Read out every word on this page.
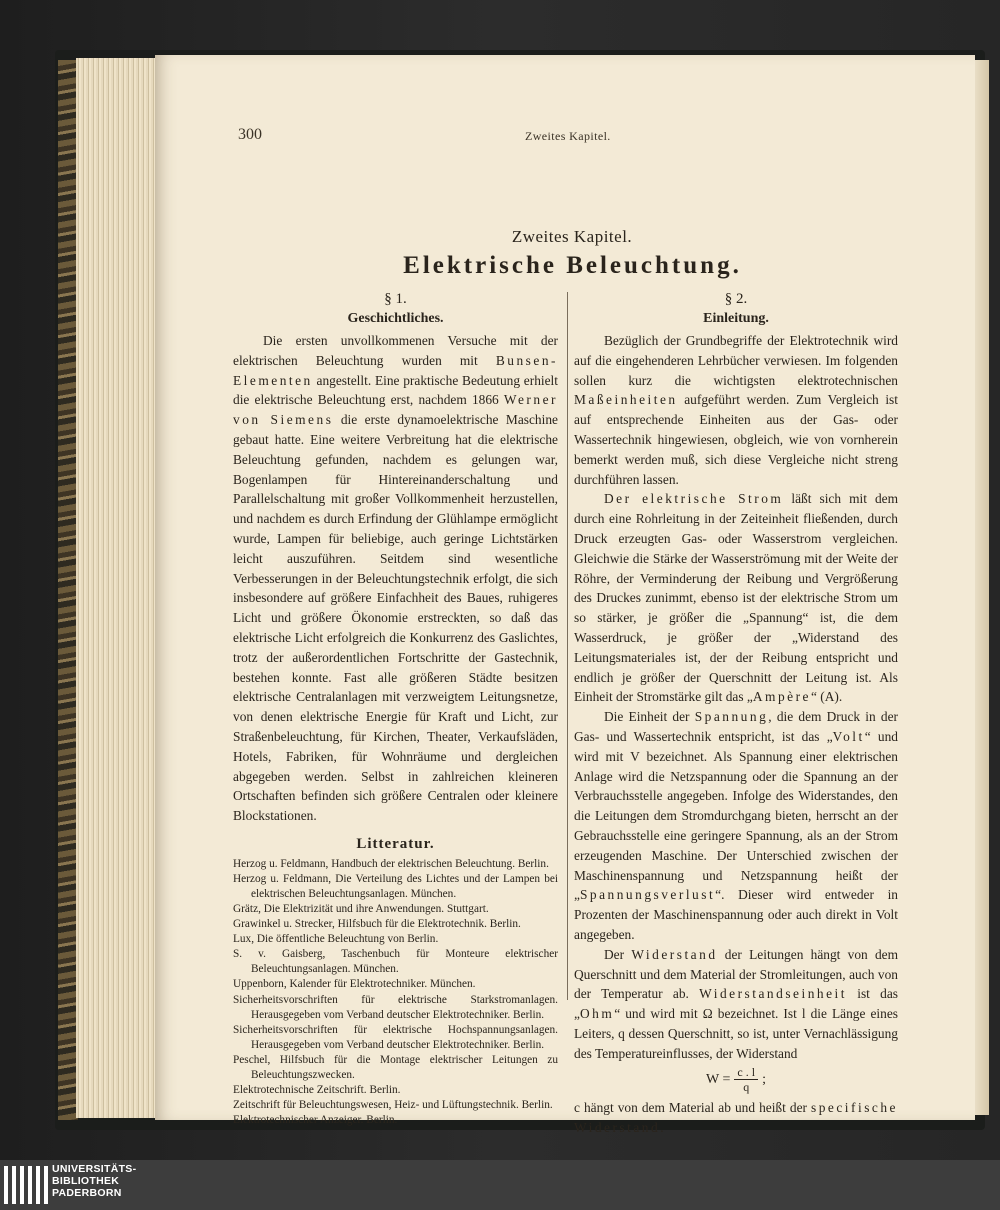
300	Zweites Kapitel.
Zweites Kapitel.
Elektrische Beleuchtung.
§ 1.
Geschichtliches.

Die ersten unvollkommenen Versuche mit der elektrischen Beleuchtung wurden mit Bunsen-Elementen angestellt. Eine praktische Bedeutung erhielt die elektrische Beleuchtung erst, nachdem 1866 Werner von Siemens die erste dynamoelektrische Maschine gebaut hatte. Eine weitere Verbreitung hat die elektrische Beleuchtung gefunden, nachdem es gelungen war, Bogenlampen für Hintereinanderschaltung und Parallelschaltung mit großer Vollkommenheit herzustellen, und nachdem es durch Erfindung der Glühlampe ermöglicht wurde, Lampen für beliebige, auch geringe Lichtstärken leicht auszuführen. Seitdem sind wesentliche Verbesserungen in der Beleuchtungstechnik erfolgt, die sich insbesondere auf größere Einfachheit des Baues, ruhigeres Licht und größere Ökonomie erstreckten, so daß das elektrische Licht erfolgreich die Konkurrenz des Gaslichtes, trotz der außerordentlichen Fortschritte der Gastechnik, bestehen konnte. Fast alle größeren Städte besitzen elektrische Centralanlagen mit verzweigtem Leitungsnetze, von denen elektrische Energie für Kraft und Licht, zur Straßenbeleuchtung, für Kirchen, Theater, Verkaufsläden, Hotels, Fabriken, für Wohnräume und dergleichen abgegeben werden. Selbst in zahlreichen kleineren Ortschaften befinden sich größere Centralen oder kleinere Blockstationen.

Litteratur.
Herzog u. Feldmann, Handbuch der elektrischen Beleuchtung. Berlin.
Herzog u. Feldmann, Die Verteilung des Lichtes und der Lampen bei elektrischen Beleuchtungsanlagen. München.
Grätz, Die Elektrizität und ihre Anwendungen. Stuttgart.
Grawinkel u. Strecker, Hilfsbuch für die Elektrotechnik. Berlin.
Lux, Die öffentliche Beleuchtung von Berlin.
S. v. Gaisberg, Taschenbuch für Monteure elektrischer Beleuchtungsanlagen. München.
Uppenborn, Kalender für Elektrotechniker. München.
Sicherheitsvorschriften für elektrische Starkstromanlagen. Herausgegeben vom Verband deutscher Elektrotechniker. Berlin.
Sicherheitsvorschriften für elektrische Hochspannungsanlagen. Herausgegeben vom Verband deutscher Elektrotechniker. Berlin.
Peschel, Hilfsbuch für die Montage elektrischer Leitungen zu Beleuchtungszwecken.
Elektrotechnische Zeitschrift. Berlin.
Zeitschrift für Beleuchtungswesen, Heiz- und Lüftungstechnik. Berlin.
Elektrotechnischer Anzeiger. Berlin.
§ 2.
Einleitung.

Bezüglich der Grundbegriffe der Elektrotechnik wird auf die eingehenderen Lehrbücher verwiesen. Im folgenden sollen kurz die wichtigsten elektrotechnischen Maßeinheiten aufgeführt werden. Zum Vergleich ist auf entsprechende Einheiten aus der Gas- oder Wassertechnik hingewiesen, obgleich, wie von vornherein bemerkt werden muß, sich diese Vergleiche nicht streng durchführen lassen.

Der elektrische Strom läßt sich mit dem durch eine Rohrleitung in der Zeiteinheit fließenden, durch Druck erzeugten Gas- oder Wasserstrom vergleichen. Gleichwie die Stärke der Wasserströmung mit der Weite der Röhre, der Verminderung der Reibung und Vergrößerung des Druckes zunimmt, ebenso ist der elektrische Strom um so stärker, je größer die „Spannung“ ist, die dem Wasserdruck, je größer der „Widerstand des Leitungsmateriales ist, der der Reibung entspricht und endlich je größer der Querschnitt der Leitung ist. Als Einheit der Stromstärke gilt das „Ampère“ (A).

Die Einheit der Spannung, die dem Druck in der Gas- und Wassertechnik entspricht, ist das „Volt“ und wird mit V bezeichnet. Als Spannung einer elektrischen Anlage wird die Netzspannung oder die Spannung an der Verbrauchsstelle angegeben. Infolge des Widerstandes, den die Leitungen dem Stromdurchgang bieten, herrscht an der Gebrauchsstelle eine geringere Spannung, als an der Strom erzeugenden Maschine. Der Unterschied zwischen der Maschinenspannung und Netzspannung heißt der „Spannungsverlust“. Dieser wird entweder in Prozenten der Maschinenspannung oder auch direkt in Volt angegeben.

Der Widerstand der Leitungen hängt von dem Querschnitt und dem Material der Stromleitungen, auch von der Temperatur ab. Widerstandseinheit ist das „Ohm“ und wird mit Ω bezeichnet. Ist l die Länge eines Leiters, q dessen Querschnitt, so ist, unter Vernachlässigung des Temperatureinflusses, der Widerstand

$W = \frac{c . l}{q}$ ;

c hängt von dem Material ab und heißt der specifische Widerstand.

UNIVERSITÄTS-
BIBLIOTHEK
PADERBORN
